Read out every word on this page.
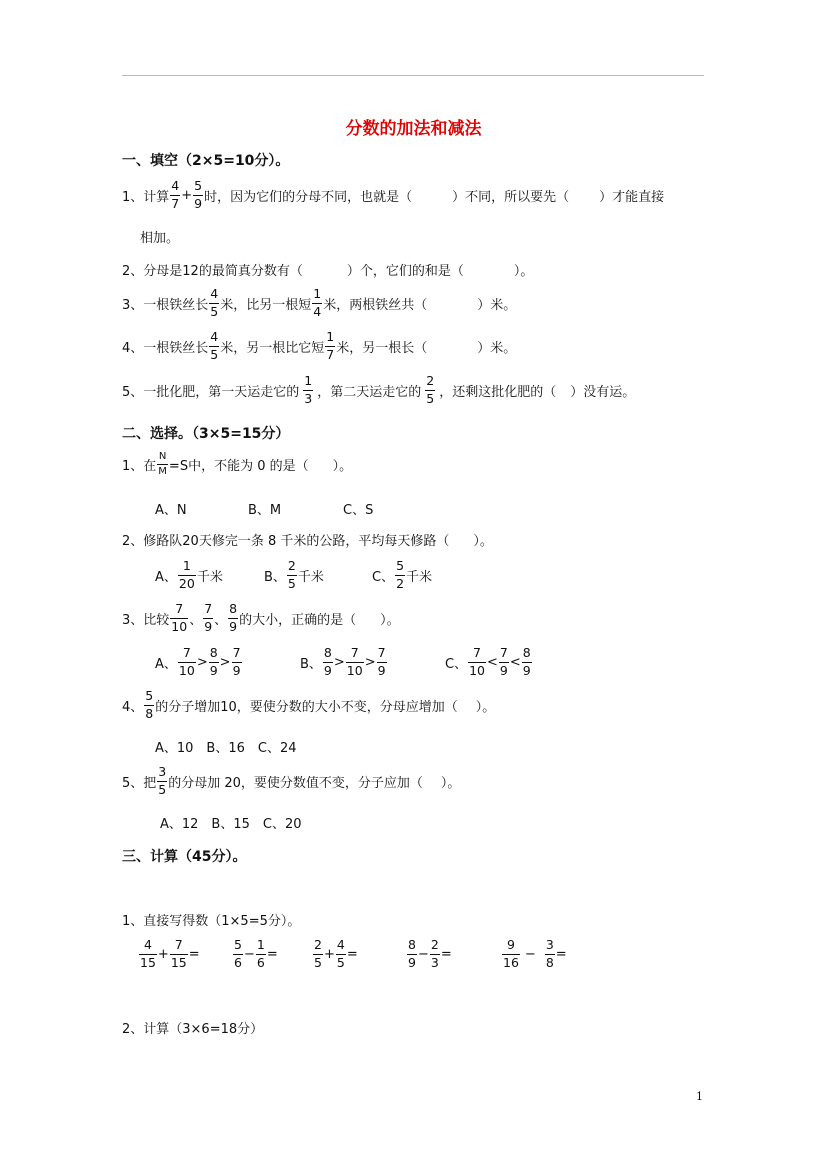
分数的加法和减法
一、填空（2×5=10分）。
1、计算 $\frac{4}{7} + \frac{5}{9}$ 时，因为它们的分母不同，也就是（	）不同，所以要先（ ）才能直接
相加。
2、分母是12的最简真分数有（	）个，它们的和是（	）。
3、一根铁丝长 $\frac{4}{5}$ 米，比另一根短 $\frac{1}{4}$ 米，两根铁丝共（	）米。
4、一根铁丝长 $\frac{4}{5}$ 米，另一根比它短 $\frac{1}{7}$ 米，另一根长（	）米。
5、一批化肥，第一天运走它的 $\frac{1}{3}$ ，第二天运走它的 $\frac{2}{5}$ ，还剩这批化肥的（ ）没有运。
二、选择。（3×5=15分）
1、在 $\frac{N}{M} =S$中，不能为 0 的是（ ）。
A、N	B、M	C、S
2、修路队20天修完一条 8 千米的公路，平均每天修路（ ）。
A、 $\frac{1}{20}$ 千米	B、 $\frac{2}{5}$ 千米	C、 $\frac{5}{2}$ 千米
3、比较 $\frac{7}{10}$ 、 $\frac{7}{9}$ 、 $\frac{8}{9}$ 的大小，正确的是（ ）。
A、 $\frac{7}{10} > \frac{8}{9} > \frac{7}{9}$	B、 $\frac{8}{9} > \frac{7}{10} > \frac{7}{9}$	C、 $\frac{7}{10} < \frac{7}{9} < \frac{8}{9}$
4、 $\frac{5}{8}$ 的分子增加10，要使分数的大小不变，分母应增加（ ）。
A、10　B、16　C、24
5、把 $\frac{3}{5}$ 的分母加 20，要使分数值不变，分子应加（ ）。
A、12　B、15　C、20
三、计算（45分）。
1、直接写得数（1×5=5分）。
$\frac{4}{15} + \frac{7}{15}$ =	$\frac{5}{6} - \frac{1}{6}$ =	$\frac{2}{5} + \frac{4}{5}$ =	$\frac{8}{9} - \frac{2}{3}$ =	$\frac{9}{16} - \frac{3}{8}$ =
2、计算（3×6=18分）
1
